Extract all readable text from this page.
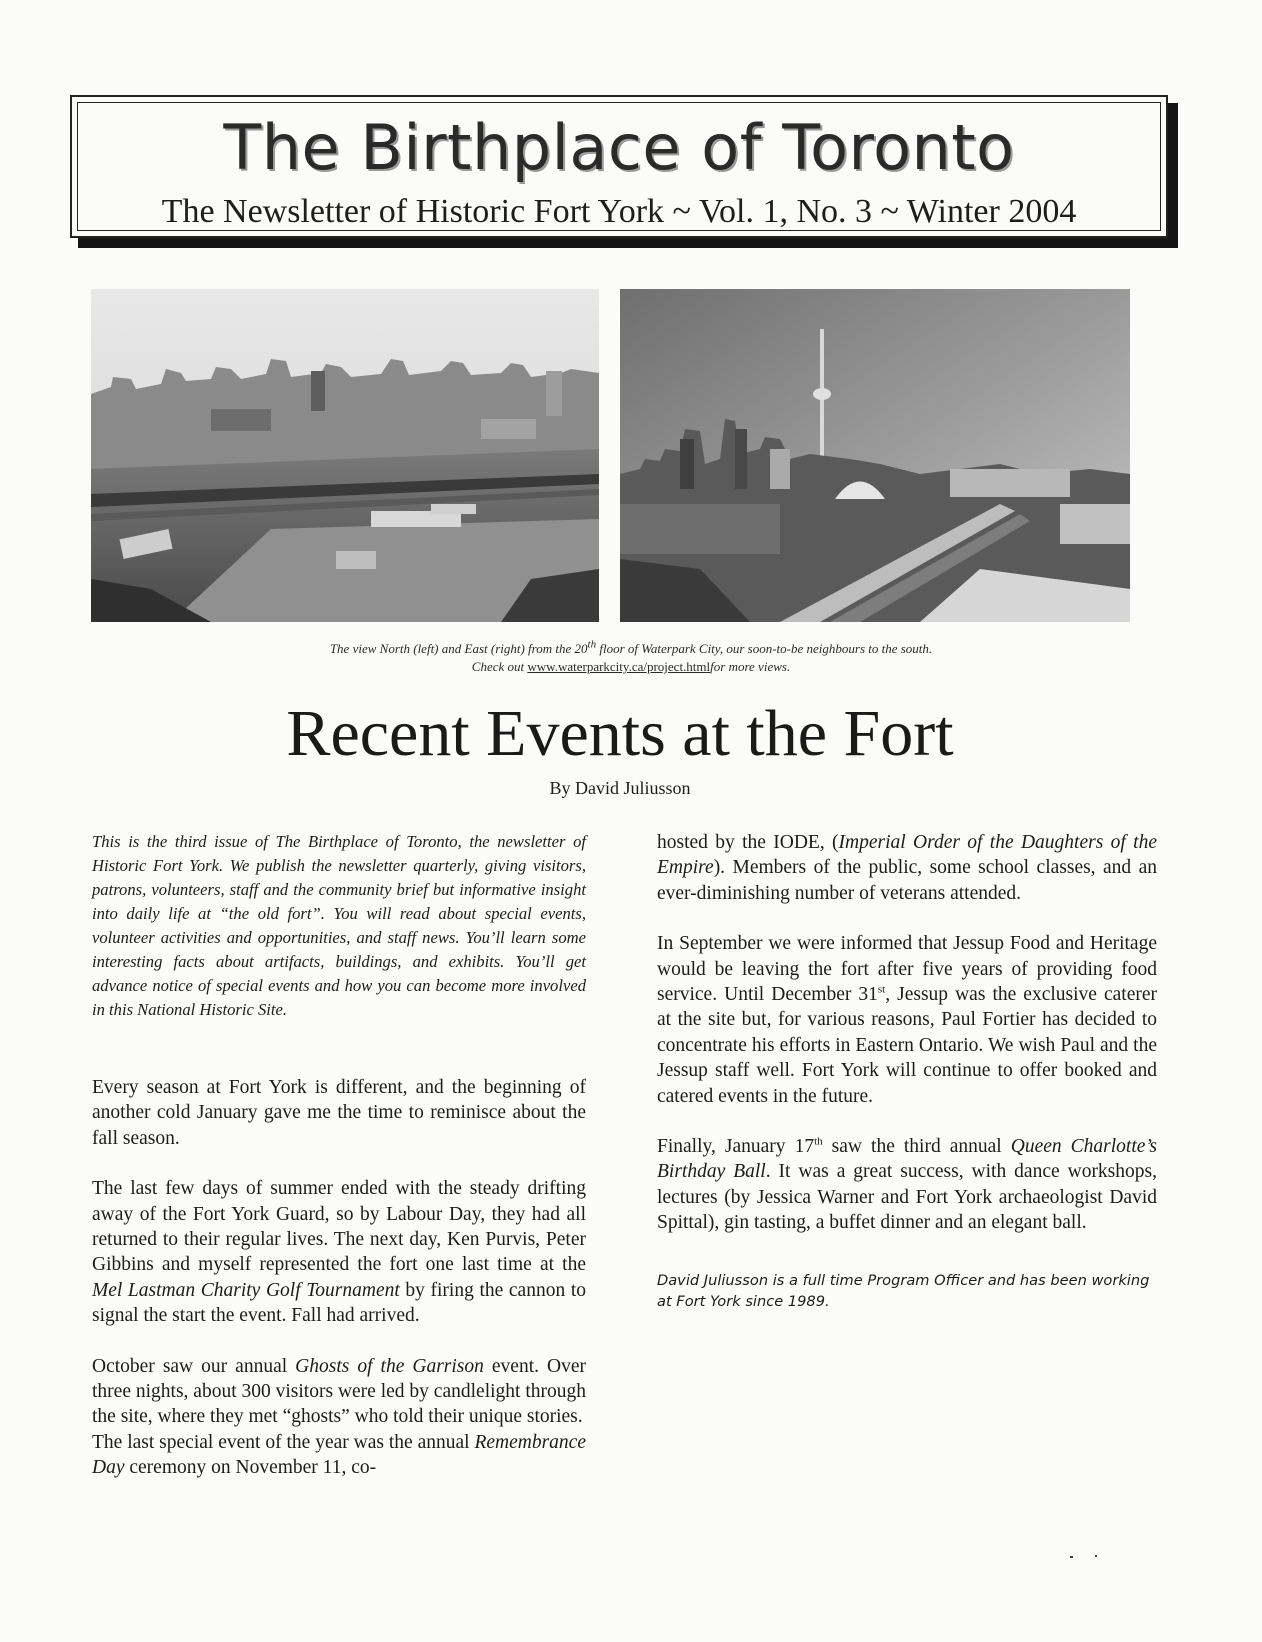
The Birthplace of Toronto
The Newsletter of Historic Fort York ~ Vol. 1, No. 3 ~ Winter 2004
The view North (left) and East (right) from the 20th floor of Waterpark City, our soon-to-be neighbours to the south.
Check out www.waterparkcity.ca/project.htmlfor more views.
Recent Events at the Fort
By David Juliusson

This is the third issue of The Birthplace of Toronto, the newsletter of Historic Fort York. We publish the newsletter quarterly, giving visitors, patrons, volunteers, staff and the community brief but informative insight into daily life at “the old fort”. You will read about special events, volunteer activities and opportunities, and staff news. You’ll learn some interesting facts about artifacts, buildings, and exhibits. You’ll get advance notice of special events and how you can become more involved in this National Historic Site.

Every season at Fort York is different, and the beginning of another cold January gave me the time to reminisce about the fall season.

The last few days of summer ended with the steady drifting away of the Fort York Guard, so by Labour Day, they had all returned to their regular lives. The next day, Ken Purvis, Peter Gibbins and myself represented the fort one last time at the Mel Lastman Charity Golf Tournament by firing the cannon to signal the start the event. Fall had arrived.

October saw our annual Ghosts of the Garrison event. Over three nights, about 300 visitors were led by candlelight through the site, where they met “ghosts” who told their unique stories.

The last special event of the year was the annual Remembrance Day ceremony on November 11, co-

hosted by the IODE, (Imperial Order of the Daughters of the Empire). Members of the public, some school classes, and an ever-diminishing number of veterans attended.

In September we were informed that Jessup Food and Heritage would be leaving the fort after five years of providing food service. Until December 31st, Jessup was the exclusive caterer at the site but, for various reasons, Paul Fortier has decided to concentrate his efforts in Eastern Ontario. We wish Paul and the Jessup staff well. Fort York will continue to offer booked and catered events in the future.

Finally, January 17th saw the third annual Queen Charlotte’s Birthday Ball. It was a great success, with dance workshops, lectures (by Jessica Warner and Fort York archaeologist David Spittal), gin tasting, a buffet dinner and an elegant ball.

David Juliusson is a full time Program Officer and has been working at Fort York since 1989.
